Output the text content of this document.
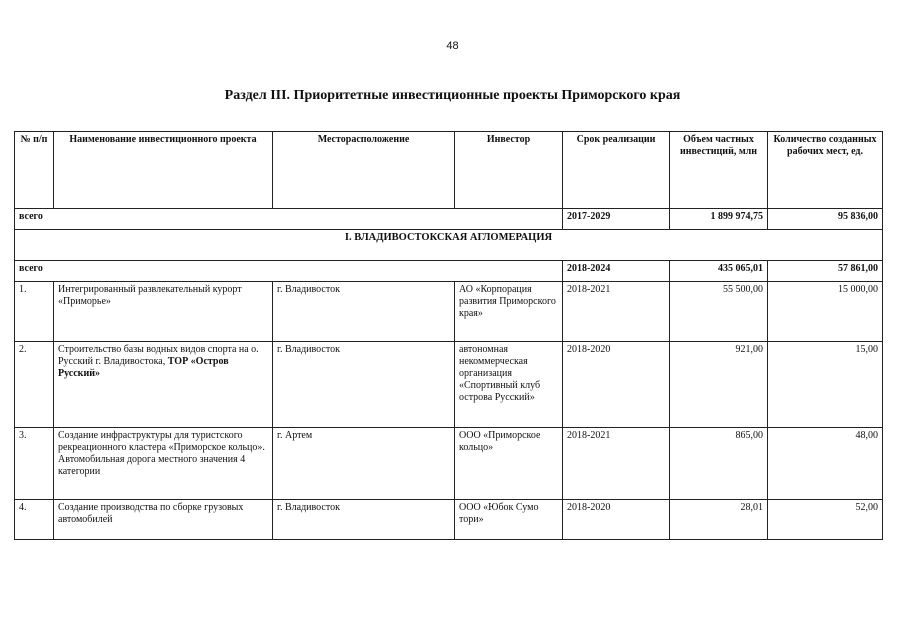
48
Раздел III. Приоритетные инвестиционные проекты Приморского края
№ п/п	Наименование инвестиционного проекта	Месторасположение	Инвестор	Срок реализации	Объем частных инвестиций, млн	Количество созданных рабочих мест, ед.
всего				2017-2029	1 899 974,75	95 836,00
I. ВЛАДИВОСТОКСКАЯ АГЛОМЕРАЦИЯ						
всего				2018-2024	435 065,01	57 861,00
1.	Интегрированный развлекательный курорт «Приморье»	г. Владивосток	АО «Корпорация развития Приморского края»	2018-2021	55 500,00	15 000,00
2.	Строительство базы водных видов спорта на о. Русский г. Владивостока, ТОР «Остров Русский»	г. Владивосток	автономная некоммерческая организация «Спортивный клуб острова Русский»	2018-2020	921,00	15,00
3.	Создание инфраструктуры для туристского рекреационного кластера «Приморское кольцо». Автомобильная дорога местного значения 4 категории	г. Артем	ООО «Приморское кольцо»	2018-2021	865,00	48,00
4.	Создание производства по сборке грузовых автомобилей	г. Владивосток	ООО «Юбок Сумо тори»	2018-2020	28,01	52,00
